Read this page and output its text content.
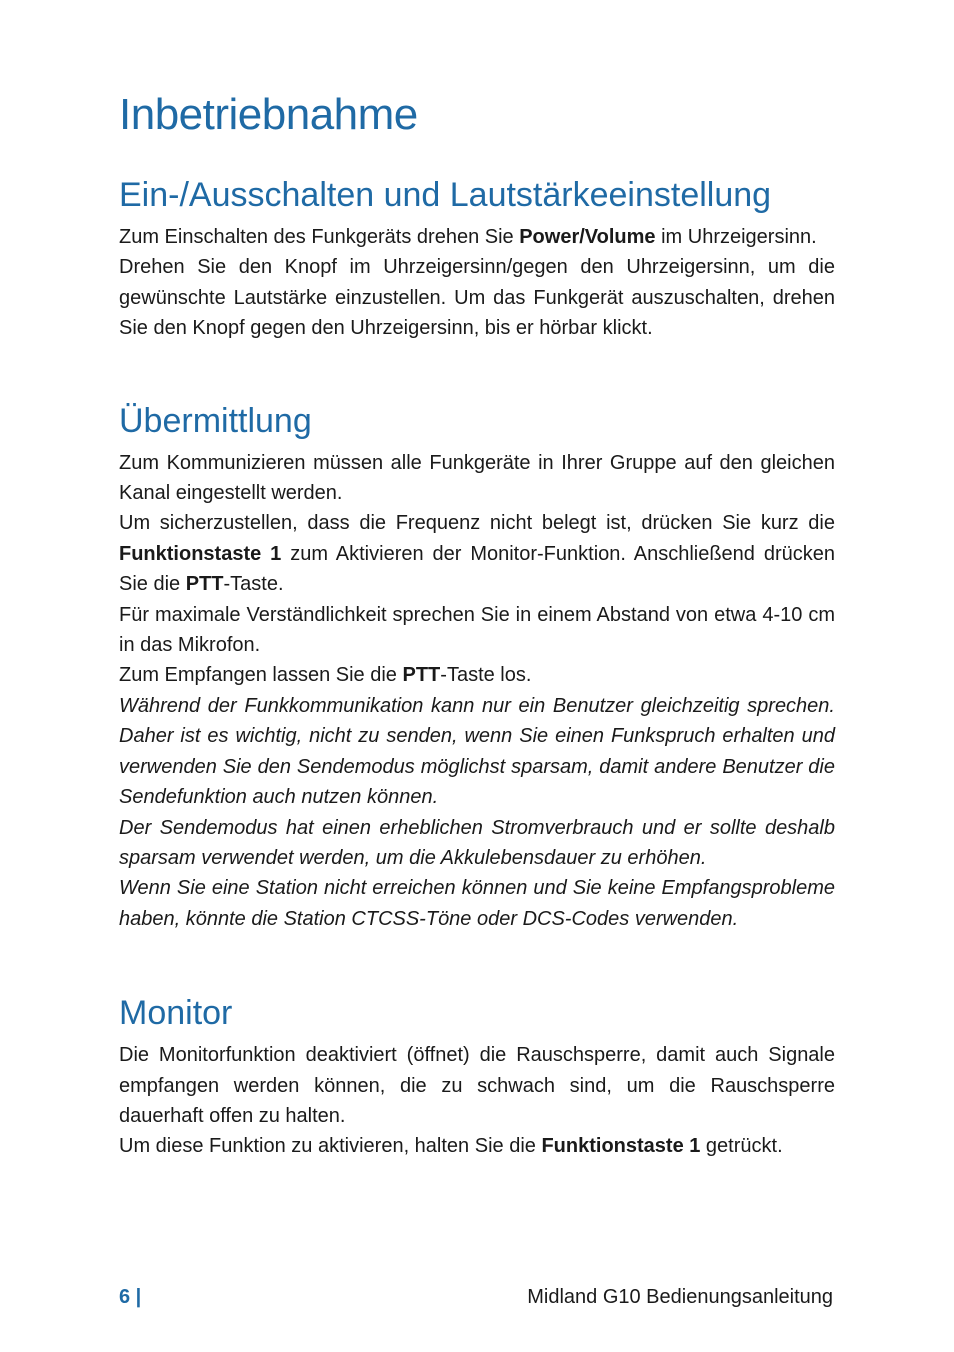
Inbetriebnahme
Ein-/Ausschalten und Lautstärkeeinstellung

Zum Einschalten des Funkgeräts drehen Sie Power/Volume im Uhrzeigersinn.

Drehen Sie den Knopf im Uhrzeigersinn/gegen den Uhrzeigersinn, um die gewünschte Lautstärke einzustellen. Um das Funkgerät auszuschalten, drehen Sie den Knopf gegen den Uhrzeigersinn, bis er hörbar klickt.

Übermittlung

Zum Kommunizieren müssen alle Funkgeräte in Ihrer Gruppe auf den gleichen Kanal eingestellt werden.

Um sicherzustellen, dass die Frequenz nicht belegt ist, drücken Sie kurz die Funktionstaste 1 zum Aktivieren der Monitor-Funktion. Anschließend drücken Sie die PTT-Taste.

Für maximale Verständlichkeit sprechen Sie in einem Abstand von etwa 4-10 cm in das Mikrofon.

Zum Empfangen lassen Sie die PTT-Taste los.

Während der Funkkommunikation kann nur ein Benutzer gleichzeitig sprechen. Daher ist es wichtig, nicht zu senden, wenn Sie einen Funkspruch erhalten und verwenden Sie den Sendemodus möglichst sparsam, damit andere Benutzer die Sendefunktion auch nutzen können.

Der Sendemodus hat einen erheblichen Stromverbrauch und er sollte deshalb sparsam verwendet werden, um die Akkulebensdauer zu erhöhen.

Wenn Sie eine Station nicht erreichen können und Sie keine Empfangsprobleme haben, könnte die Station CTCSS-Töne oder DCS-Codes verwenden.

Monitor

Die Monitorfunktion deaktiviert (öffnet) die Rauschsperre, damit auch Signale empfangen werden können, die zu schwach sind, um die Rauschsperre dauerhaft offen zu halten.

Um diese Funktion zu aktivieren, halten Sie die Funktionstaste 1 getrückt.

6 |	Midland G10 Bedienungsanleitung
